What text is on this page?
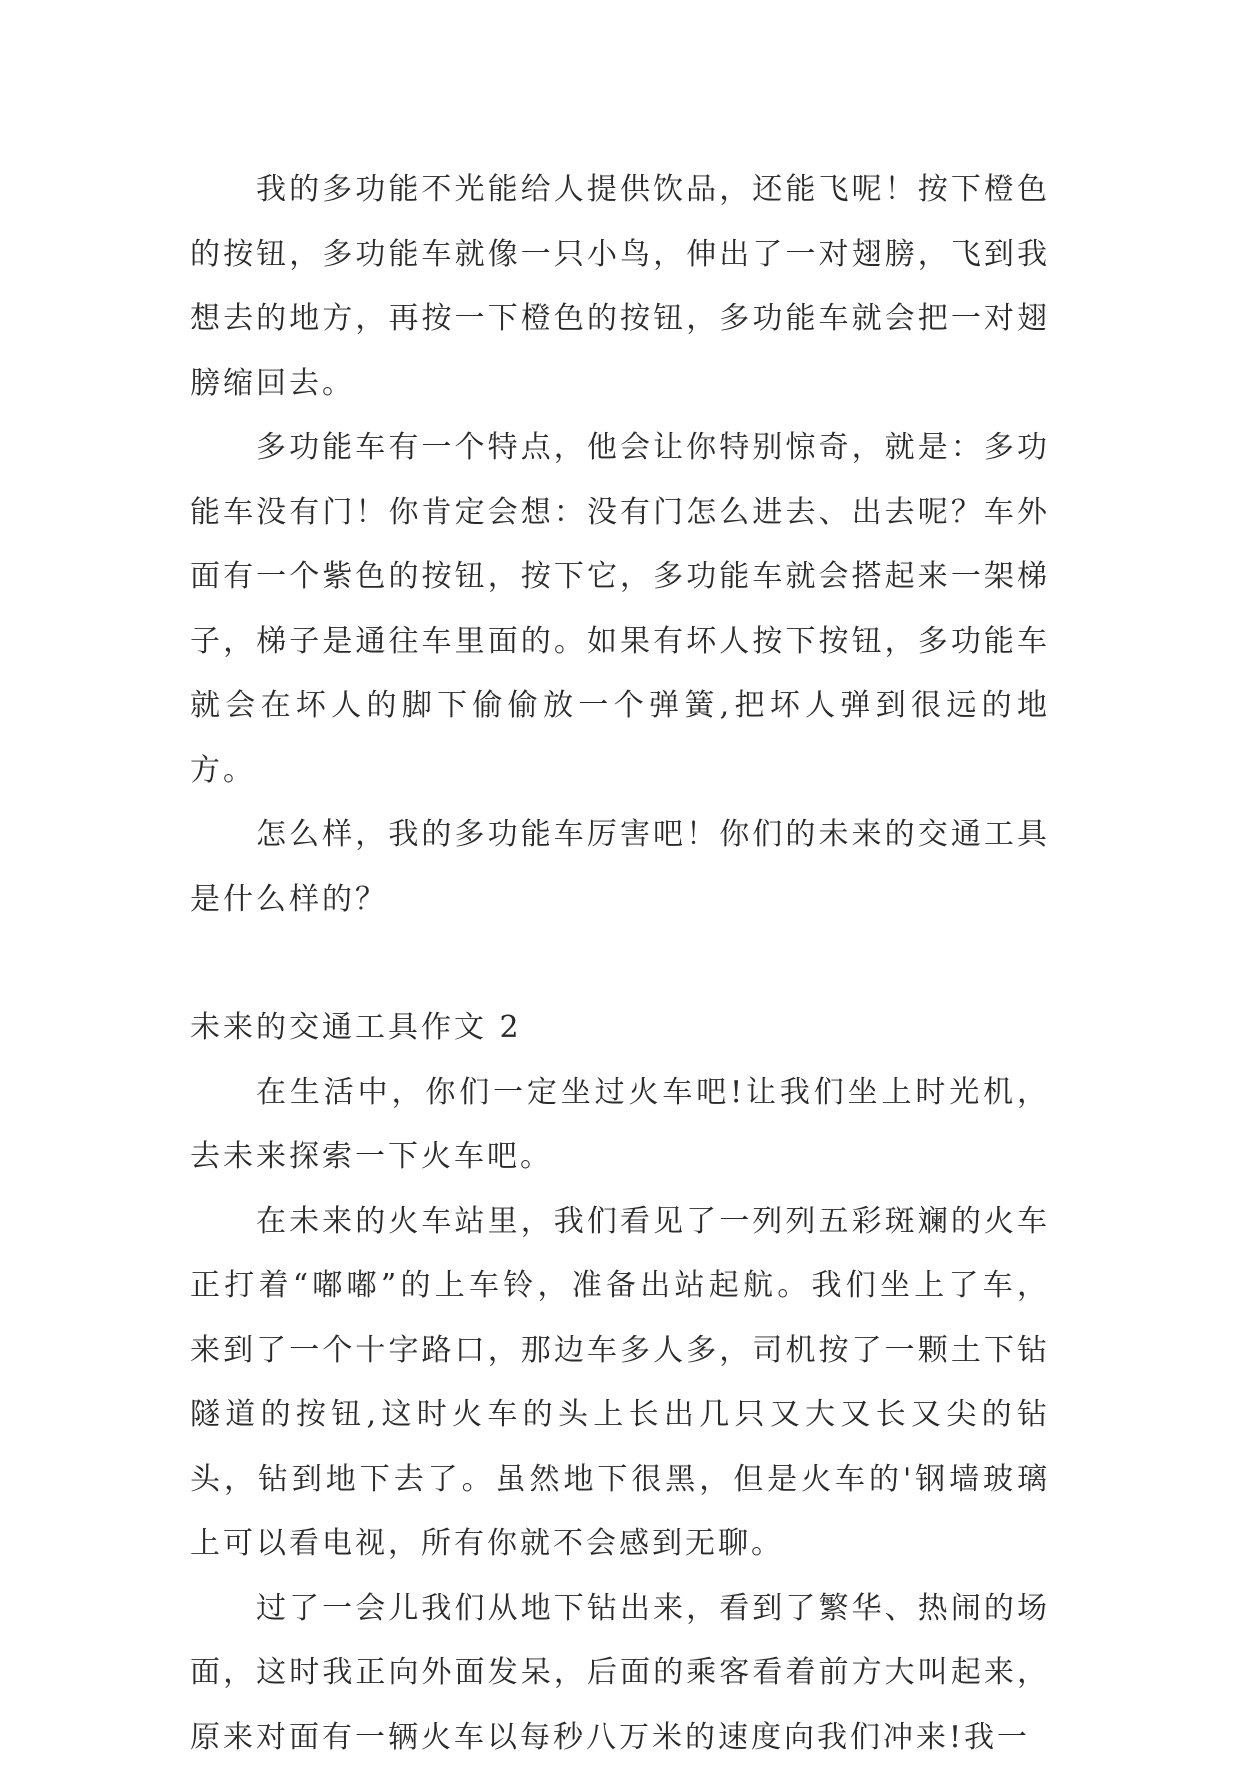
我的多功能不光能给人提供饮品，还能飞呢！按下橙色的按钮，多功能车就像一只小鸟，伸出了一对翅膀，飞到我想去的地方，再按一下橙色的按钮，多功能车就会把一对翅膀缩回去。

多功能车有一个特点，他会让你特别惊奇，就是：多功能车没有门！你肯定会想：没有门怎么进去、出去呢？车外面有一个紫色的按钮，按下它，多功能车就会搭起来一架梯子，梯子是通往车里面的。如果有坏人按下按钮，多功能车就会在坏人的脚下偷偷放一个弹簧,把坏人弹到很远的地方。

怎么样，我的多功能车厉害吧！你们的未来的交通工具是什么样的？

未来的交通工具作文 2

在生活中，你们一定坐过火车吧!让我们坐上时光机，去未来探索一下火车吧。

在未来的火车站里，我们看见了一列列五彩斑斓的火车正打着“嘟嘟”的上车铃，准备出站起航。我们坐上了车，来到了一个十字路口，那边车多人多，司机按了一颗土下钻隧道的按钮,这时火车的头上长出几只又大又长又尖的钻头，钻到地下去了。虽然地下很黑，但是火车的'钢墙玻璃上可以看电视，所有你就不会感到无聊。

过了一会儿我们从地下钻出来，看到了繁华、热闹的场面，这时我正向外面发呆，后面的乘客看着前方大叫起来，原来对面有一辆火车以每秒八万米的速度向我们冲来!我一
